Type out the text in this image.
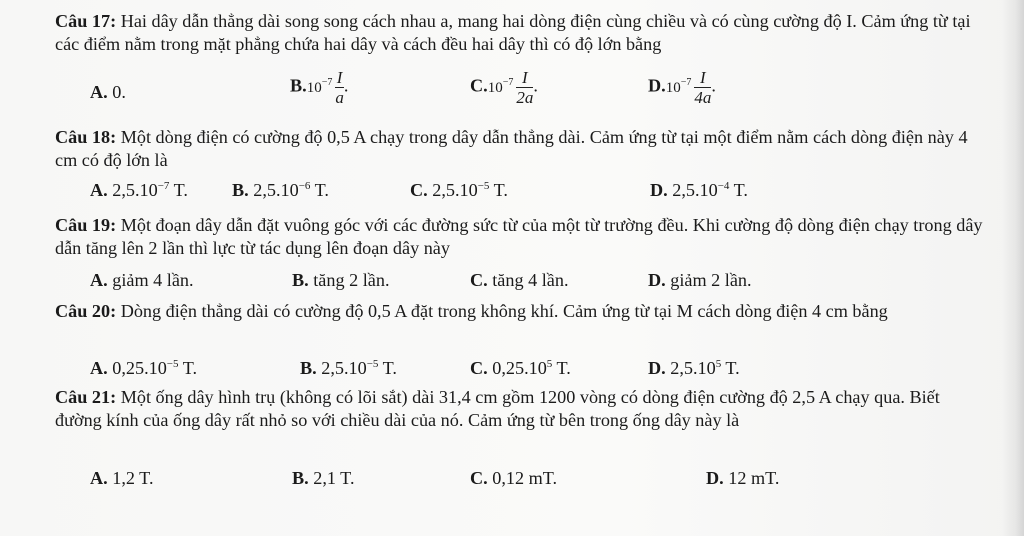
Câu 17: Hai dây dẫn thẳng dài song song cách nhau a, mang hai dòng điện cùng chiều và có cùng cường độ I. Cảm ứng từ tại các điểm nằm trong mặt phẳng chứa hai dây và cách đều hai dây thì có độ lớn bằng
A. 0.	$B.10^{-7} \frac{I}{a}$ .	$C.10^{-7} \frac{I}{2a}$ .	$D.10^{-7} \frac{I}{4a}$ .
Câu 18: Một dòng điện có cường độ 0,5 A chạy trong dây dẫn thẳng dài. Cảm ứng từ tại một điểm nằm cách dòng điện này 4 cm có độ lớn là
A. $2,5.10^{-7}$ T. B. $2,5.10^{-6}$ T.	C. $2,5.10^{-5}$ T.	D. $2,5.10^{-4}$ T.
Câu 19: Một đoạn dây dẫn đặt vuông góc với các đường sức từ của một từ trường đều. Khi cường độ dòng điện chạy trong dây dẫn tăng lên 2 lần thì lực từ tác dụng lên đoạn dây này
A. giảm 4 lần.	B. tăng 2 lần.	C. tăng 4 lần.	D. giảm 2 lần.
Câu 20: Dòng điện thẳng dài có cường độ 0,5 A đặt trong không khí. Cảm ứng từ tại M cách dòng điện 4 cm bằng
A. $0,25.10^{-5}$ T.	B. $2,5.10^{-5}$ T.	C. 0,25.10$^5$ T.	D. 2,5.10$^5$ T.
Câu 21: Một ống dây hình trụ (không có lõi sắt) dài 31,4 cm gồm 1200 vòng có dòng điện cường độ 2,5 A chạy qua. Biết đường kính của ống dây rất nhỏ so với chiều dài của nó. Cảm ứng từ bên trong ống dây này là
A. 1,2 T.	B. 2,1 T.	C. 0,12 mT.	D. 12 mT.
